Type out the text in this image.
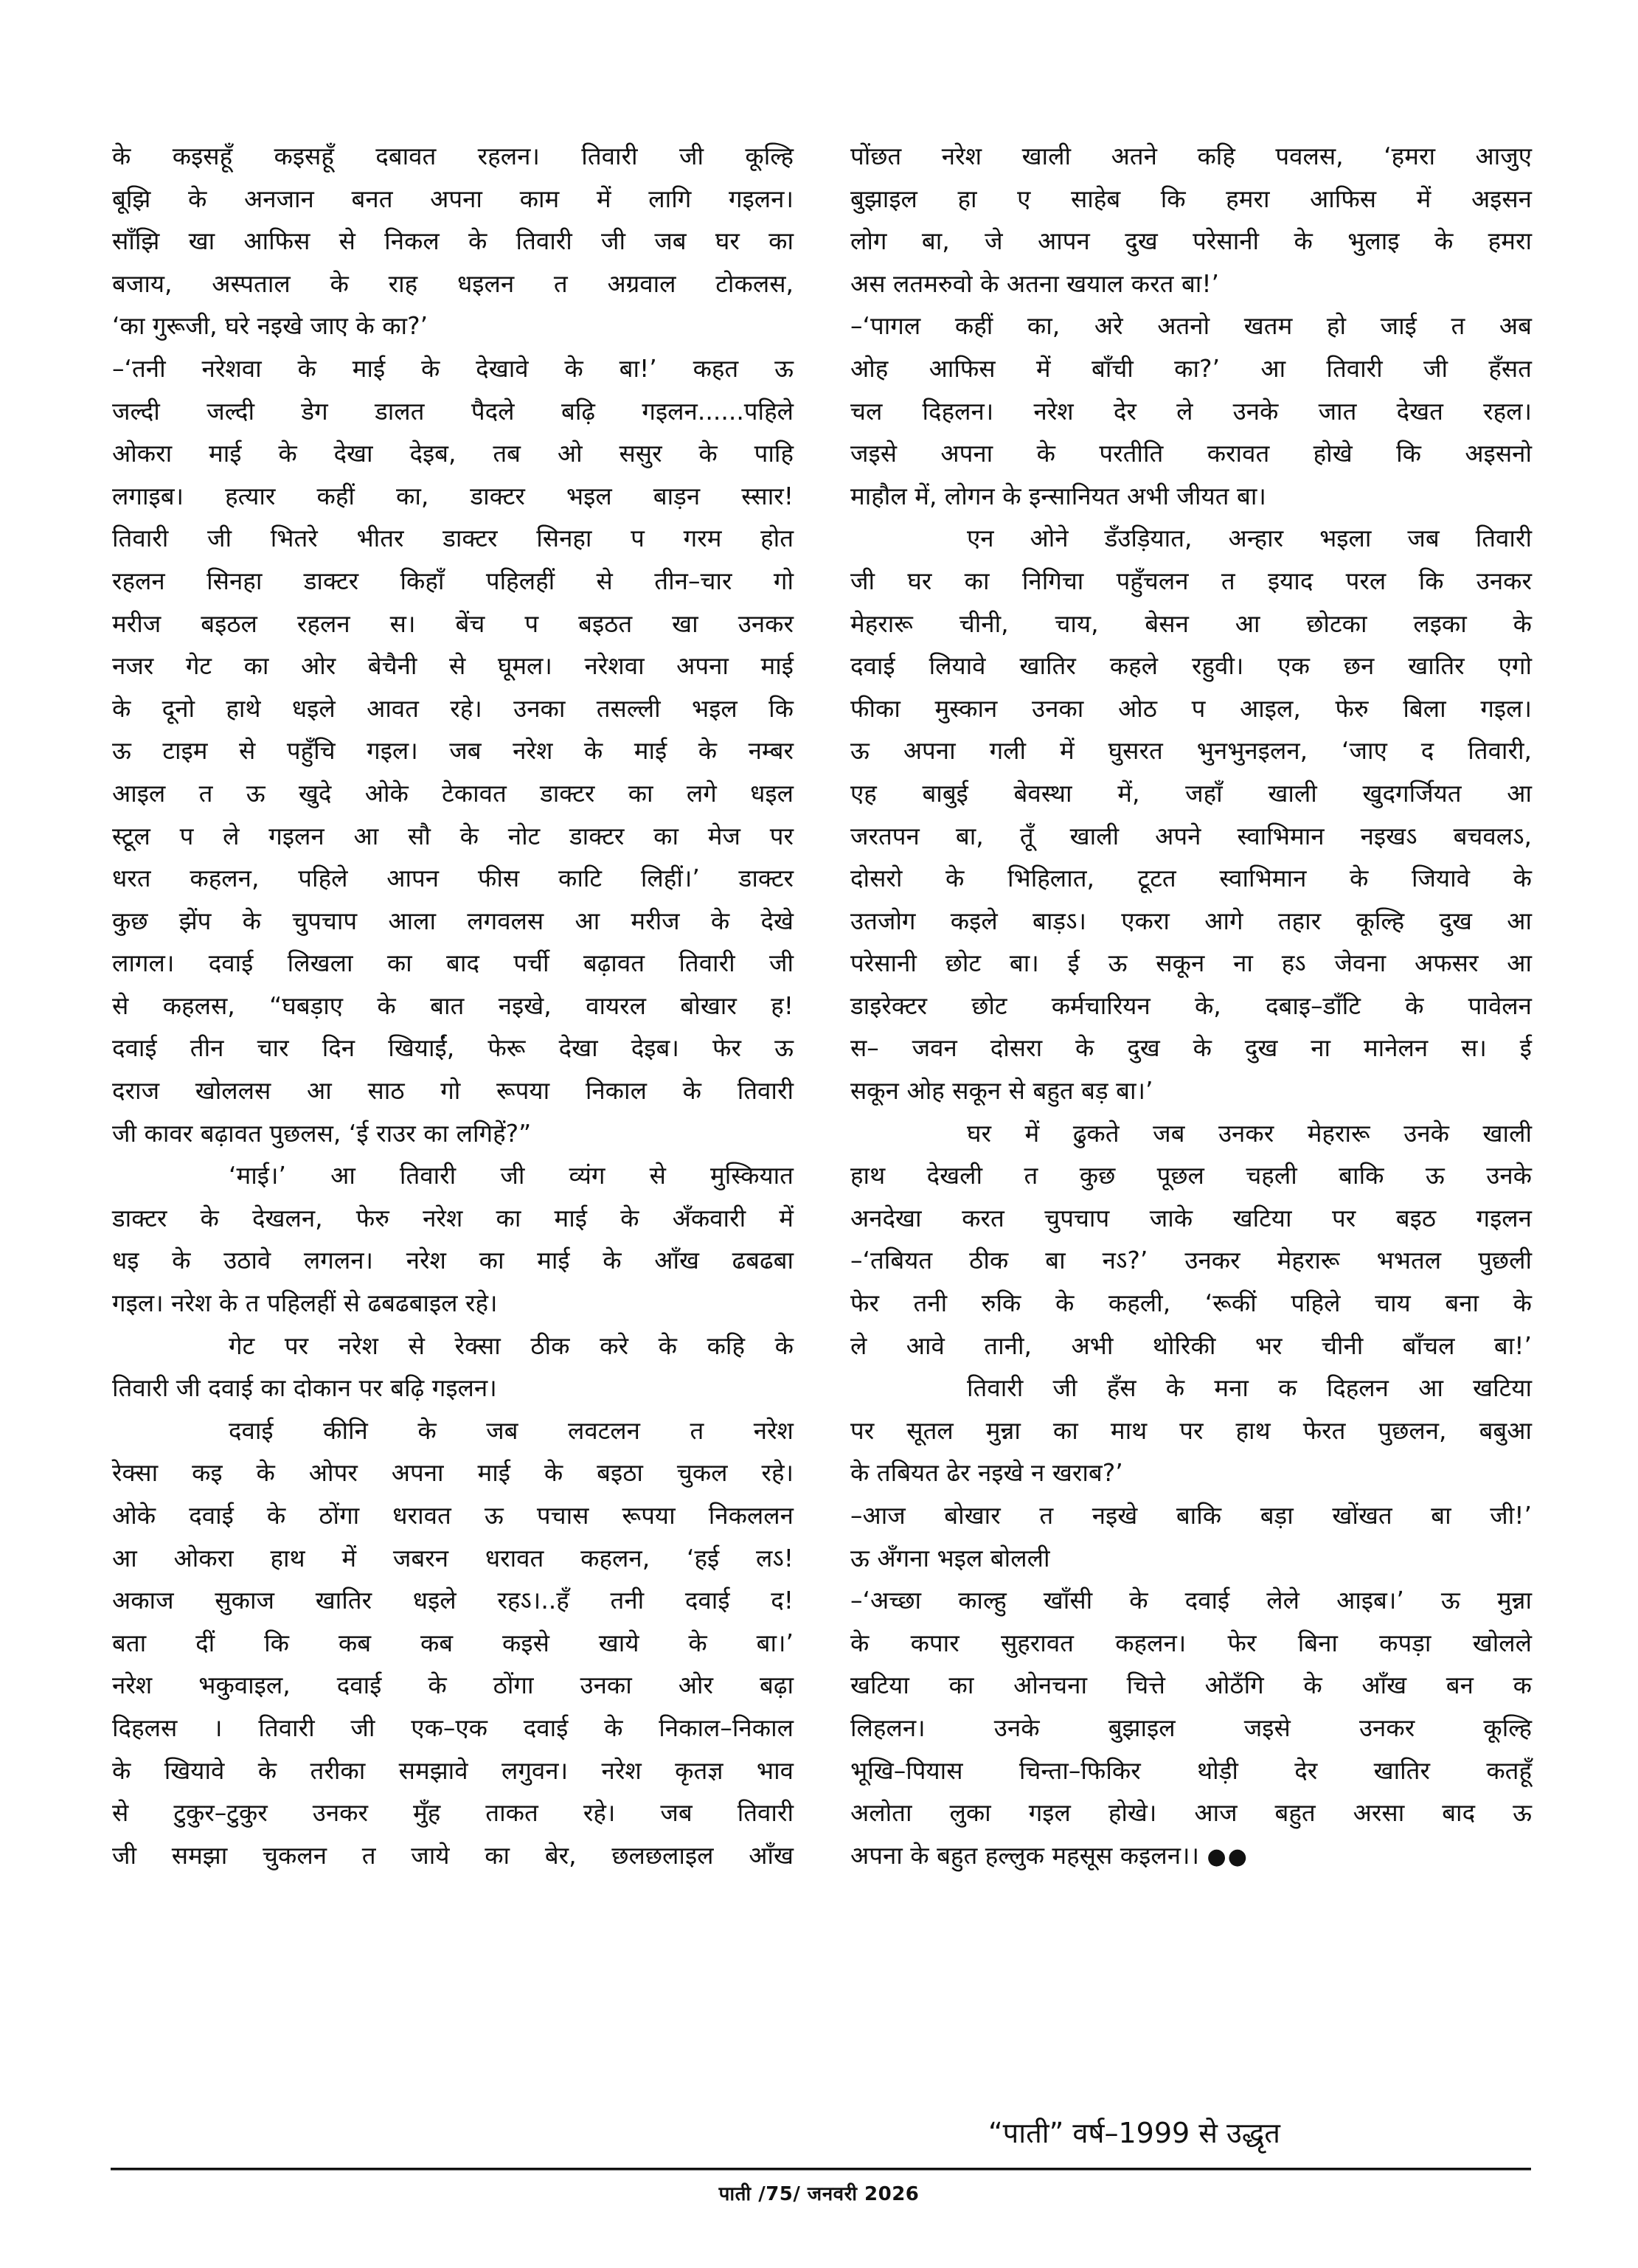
के कइसहूँ कइसहूँ दबावत रहलन। तिवारी जी कूल्हि
बूझि के अनजान बनत अपना काम में लागि गइलन।
साँझि खा आफिस से निकल के तिवारी जी जब घर का
बजाय, अस्पताल के राह धइलन त अग्रवाल टोकलस,
‘का गुरूजी, घरे नइखे जाए के का?’
–‘तनी नरेशवा के माई के देखावे के बा!’ कहत ऊ
जल्दी जल्दी डेग डालत पैदले बढ़ि गइलन......पहिले
ओकरा माई के देखा देइब, तब ओ ससुर के पाहि
लगाइब। हत्यार कहीं का, डाक्टर भइल बाड़न स्सार!
तिवारी जी भितरे भीतर डाक्टर सिनहा प गरम होत
रहलन सिनहा डाक्टर किहाँ पहिलहीं से तीन–चार गो
मरीज बइठल रहलन स। बेंच प बइठत खा उनकर
नजर गेट का ओर बेचैनी से घूमल। नरेशवा अपना माई
के दूनो हाथे धइले आवत रहे। उनका तसल्ली भइल कि
ऊ टाइम से पहुँचि गइल। जब नरेश के माई के नम्बर
आइल त ऊ खुदे ओके टेकावत डाक्टर का लगे धइल
स्टूल प ले गइलन आ सौ के नोट डाक्टर का मेज पर
धरत कहलन, पहिले आपन फीस काटि लिहीं।’ डाक्टर
कुछ झेंप के चुपचाप आला लगवलस आ मरीज के देखे
लागल। दवाई लिखला का बाद पर्ची बढ़ावत तिवारी जी
से कहलस, “घबड़ाए के बात नइखे, वायरल बोखार ह!
दवाई तीन चार दिन खियाईं, फेरू देखा देइब। फेर ऊ
दराज खोललस आ साठ गो रूपया निकाल के तिवारी
जी कावर बढ़ावत पुछलस, ‘ई राउर का लगिहें?”
‘माई।’ आ तिवारी जी व्यंग से मुस्कियात
डाक्टर के देखलन, फेरु नरेश का माई के अँकवारी में
धइ के उठावे लगलन। नरेश का माई के आँख ढबढबा
गइल। नरेश के त पहिलहीं से ढबढबाइल रहे।
गेट पर नरेश से रेक्सा ठीक करे के कहि के
तिवारी जी दवाई का दोकान पर बढ़ि गइलन।
दवाई कीनि के जब लवटलन त नरेश
रेक्सा कइ के ओपर अपना माई के बइठा चुकल रहे।
ओके दवाई के ठोंगा धरावत ऊ पचास रूपया निकललन
आ ओकरा हाथ में जबरन धरावत कहलन, ‘हई लऽ!
अकाज सुकाज खातिर धइले रहऽ।..हँ तनी दवाई द!
बता दीं कि कब कब कइसे खाये के बा।’
नरेश भकुवाइल, दवाई के ठोंगा उनका ओर बढ़ा
दिहलस । तिवारी जी एक–एक दवाई के निकाल–निकाल
के खियावे के तरीका समझावे लगुवन। नरेश कृतज्ञ भाव
से टुकुर–टुकुर उनकर मुँह ताकत रहे। जब तिवारी
जी समझा चुकलन त जाये का बेर, छलछलाइल आँख
पोंछत नरेश खाली अतने कहि पवलस, ‘हमरा आजुए
बुझाइल हा ए साहेब कि हमरा आफिस में अइसन
लोग बा, जे आपन दुख परेसानी के भुलाइ के हमरा
अस लतमरुवो के अतना खयाल करत बा!’
–‘पागल कहीं का, अरे अतनो खतम हो जाई त अब
ओह आफिस में बाँची का?’ आ तिवारी जी हँसत
चल दिहलन। नरेश देर ले उनके जात देखत रहल।
जइसे अपना के परतीति करावत होखे कि अइसनो
माहौल में, लोगन के इन्सानियत अभी जीयत बा।
एन ओने डँउड़ियात, अन्हार भइला जब तिवारी
जी घर का निगिचा पहुँचलन त इयाद परल कि उनकर
मेहरारू चीनी, चाय, बेसन आ छोटका लइका के
दवाई लियावे खातिर कहले रहुवी। एक छन खातिर एगो
फीका मुस्कान उनका ओठ प आइल, फेरु बिला गइल।
ऊ अपना गली में घुसरत भुनभुनइलन, ‘जाए द तिवारी,
एह बाबुई बेवस्था में, जहाँ खाली खुदगर्जियत आ
जरतपन बा, तूँ खाली अपने स्वाभिमान नइखऽ बचवलऽ,
दोसरो के भिहिलात, टूटत स्वाभिमान के जियावे के
उतजोग कइले बाड़ऽ। एकरा आगे तहार कूल्हि दुख आ
परेसानी छोट बा। ई ऊ सकून ना हऽ जेवना अफसर आ
डाइरेक्टर छोट कर्मचारियन के, दबाइ–डाँटि के पावेलन
स– जवन दोसरा के दुख के दुख ना मानेलन स। ई
सकून ओह सकून से बहुत बड़ बा।’
घर में ढुकते जब उनकर मेहरारू उनके खाली
हाथ देखली त कुछ पूछल चहली बाकि ऊ उनके
अनदेखा करत चुपचाप जाके खटिया पर बइठ गइलन
–‘तबियत ठीक बा नऽ?’ उनकर मेहरारू भभतल पुछली
फेर तनी रुकि के कहली, ‘रूकीं पहिले चाय बना के
ले आवे तानी, अभी थोरिकी भर चीनी बाँचल बा!’
तिवारी जी हँस के मना क दिहलन आ खटिया
पर सूतल मुन्ना का माथ पर हाथ फेरत पुछलन, बबुआ
के तबियत ढेर नइखे न खराब?’
–आज बोखार त नइखे बाकि बड़ा खोंखत बा जी!’
ऊ अँगना भइल बोलली
–‘अच्छा काल्हु खाँसी के दवाई लेले आइब।’ ऊ मुन्ना
के कपार सुहरावत कहलन। फेर बिना कपड़ा खोलले
खटिया का ओनचना चित्ते ओठँगि के आँख बन क
लिहलन। उनके बुझाइल जइसे उनकर कूल्हि
भूखि–पियास चिन्ता–फिकिर थोड़ी देर खातिर कतहूँ
अलोता लुका गइल होखे। आज बहुत अरसा बाद ऊ
अपना के बहुत हल्लुक महसूस कइलन।। ●●
“पाती” वर्ष–1999 से उद्धृत
पाती /75/ जनवरी 2026
